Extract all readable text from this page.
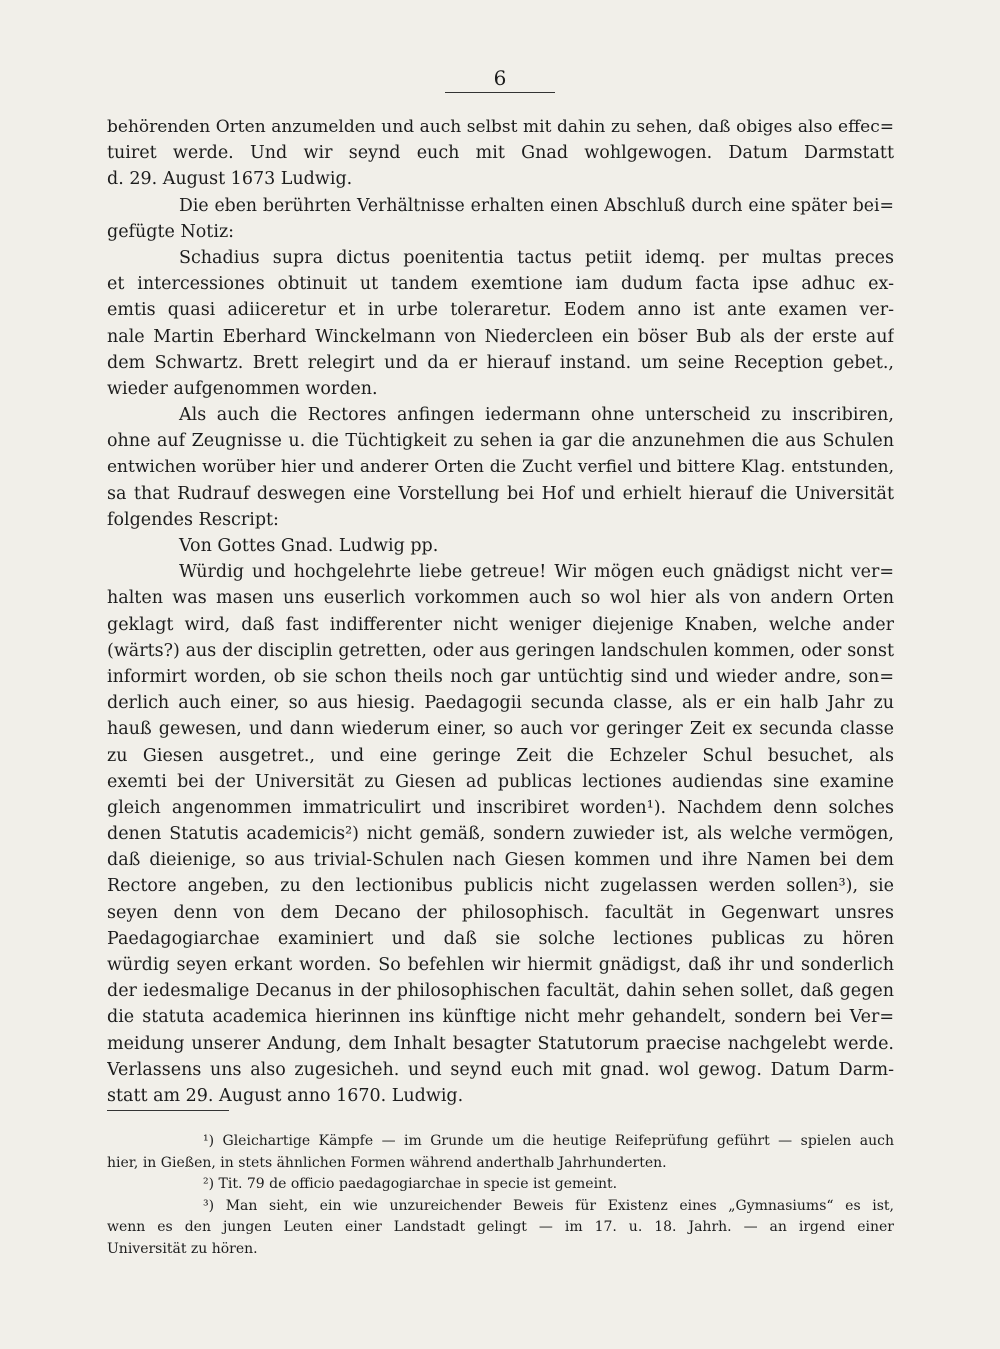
6
behörenden Orten anzumelden und auch selbst mit dahin zu sehen, daß obiges also effec=
tuiret werde. Und wir seynd euch mit Gnad wohlgewogen. Datum Darmstatt
d. 29. August 1673 Ludwig.
Die eben berührten Verhältnisse erhalten einen Abschluß durch eine später bei=
gefügte Notiz:
Schadius supra dictus poenitentia tactus petiit idemq. per multas preces
et intercessiones obtinuit ut tandem exemtione iam dudum facta ipse adhuc ex-
emtis quasi adiiceretur et in urbe toleraretur. Eodem anno ist ante examen ver-
nale Martin Eberhard Winckelmann von Niedercleen ein böser Bub als der erste auf
dem Schwartz. Brett relegirt und da er hierauf instand. um seine Reception gebet.,
wieder aufgenommen worden.
Als auch die Rectores anfingen iedermann ohne unterscheid zu inscribiren,
ohne auf Zeugnisse u. die Tüchtigkeit zu sehen ia gar die anzunehmen die aus Schulen
entwichen worüber hier und anderer Orten die Zucht verfiel und bittere Klag. entstunden,
sa that Rudrauf deswegen eine Vorstellung bei Hof und erhielt hierauf die Universität
folgendes Rescript:
Von Gottes Gnad. Ludwig pp.
Würdig und hochgelehrte liebe getreue! Wir mögen euch gnädigst nicht ver=
halten was masen uns euserlich vorkommen auch so wol hier als von andern Orten
geklagt wird, daß fast indifferenter nicht weniger diejenige Knaben, welche ander
(wärts?) aus der disciplin getretten, oder aus geringen landschulen kommen, oder sonst
informirt worden, ob sie schon theils noch gar untüchtig sind und wieder andre, son=
derlich auch einer, so aus hiesig. Paedagogii secunda classe, als er ein halb Jahr zu
hauß gewesen, und dann wiederum einer, so auch vor geringer Zeit ex secunda classe
zu Giesen ausgetret., und eine geringe Zeit die Echzeler Schul besuchet, als
exemti bei der Universität zu Giesen ad publicas lectiones audiendas sine examine
gleich angenommen immatriculirt und inscribiret worden¹). Nachdem denn solches
denen Statutis academicis²) nicht gemäß, sondern zuwieder ist, als welche vermögen,
daß dieienige, so aus trivial-Schulen nach Giesen kommen und ihre Namen bei dem
Rectore angeben, zu den lectionibus publicis nicht zugelassen werden sollen³), sie
seyen denn von dem Decano der philosophisch. facultät in Gegenwart unsres
Paedagogiarchae examiniert und daß sie solche lectiones publicas zu hören
würdig seyen erkant worden. So befehlen wir hiermit gnädigst, daß ihr und sonderlich
der iedesmalige Decanus in der philosophischen facultät, dahin sehen sollet, daß gegen
die statuta academica hierinnen ins künftige nicht mehr gehandelt, sondern bei Ver=
meidung unserer Andung, dem Inhalt besagter Statutorum praecise nachgelebt werde.
Verlassens uns also zugesicheh. und seynd euch mit gnad. wol gewog. Datum Darm-
statt am 29. August anno 1670. Ludwig.
¹) Gleichartige Kämpfe — im Grunde um die heutige Reifeprüfung geführt — spielen auch
hier, in Gießen, in stets ähnlichen Formen während anderthalb Jahrhunderten.
²) Tit. 79 de officio paedagogiarchae in specie ist gemeint.
³) Man sieht, ein wie unzureichender Beweis für Existenz eines „Gymnasiums“ es ist,
wenn es den jungen Leuten einer Landstadt gelingt — im 17. u. 18. Jahrh. — an irgend einer
Universität zu hören.
